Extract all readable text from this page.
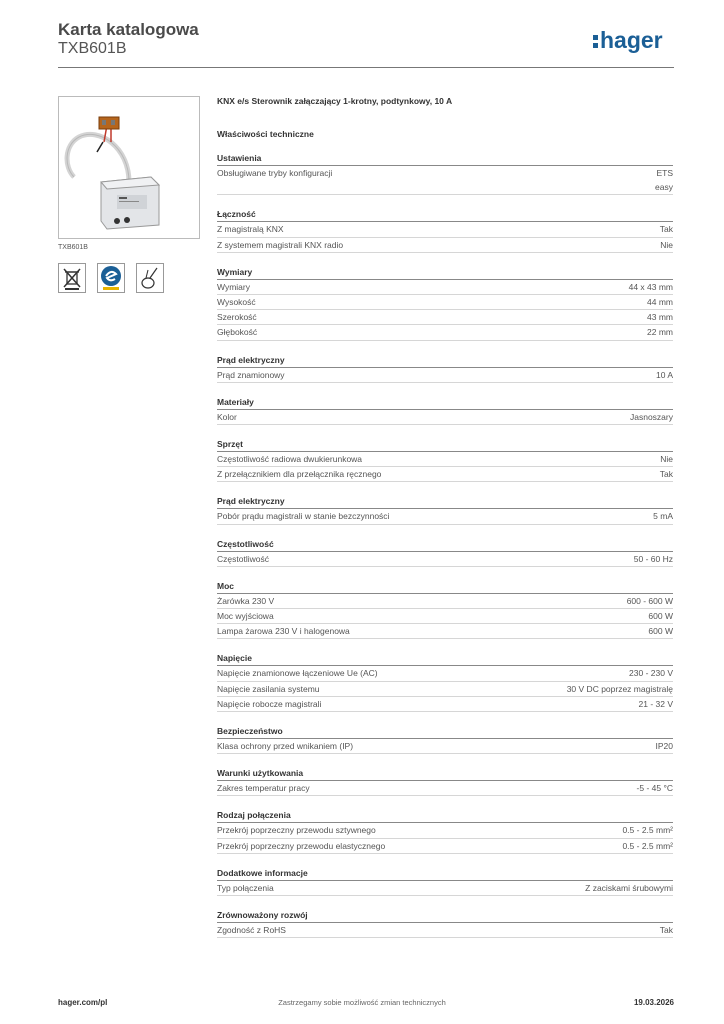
Karta katalogowa
TXB601B	hager
TXB601B
KNX e/s Sterownik załączający 1-krotny, podtynkowy, 10 A
Właściwości techniczne
Ustawienia
Obsługiwane tryby konfiguracji	ETS
easy
Łączność
Z magistralą KNX	Tak
Z systemem magistrali KNX radio	Nie
Wymiary
Wymiary	44 x 43 mm
Wysokość	44 mm
Szerokość	43 mm
Głębokość	22 mm
Prąd elektryczny
Prąd znamionowy	10 A
Materiały
Kolor	Jasnoszary
Sprzęt
Częstotliwość radiowa dwukierunkowa	Nie
Z przełącznikiem dla przełącznika ręcznego	Tak
Prąd elektryczny
Pobór prądu magistrali w stanie bezczynności	5 mA
Częstotliwość
Częstotliwość	50 - 60 Hz
Moc
Żarówka 230 V	600 - 600 W
Moc wyjściowa	600 W
Lampa żarowa 230 V i halogenowa	600 W
Napięcie
Napięcie znamionowe łączeniowe Ue (AC)	230 - 230 V
Napięcie zasilania systemu	30 V DC poprzez magistralę
Napięcie robocze magistrali	21 - 32 V
Bezpieczeństwo
Klasa ochrony przed wnikaniem (IP)	IP20
Warunki użytkowania
Zakres temperatur pracy	-5 - 45 °C
Rodzaj połączenia
Przekrój poprzeczny przewodu sztywnego	0.5 - 2.5 mm²
Przekrój poprzeczny przewodu elastycznego	0.5 - 2.5 mm²
Dodatkowe informacje
Typ połączenia	Z zaciskami śrubowymi
Zrównoważony rozwój
Zgodność z RoHS	Tak
hager.com/pl	Zastrzegamy sobie możliwość zmian technicznych	19.03.2026
